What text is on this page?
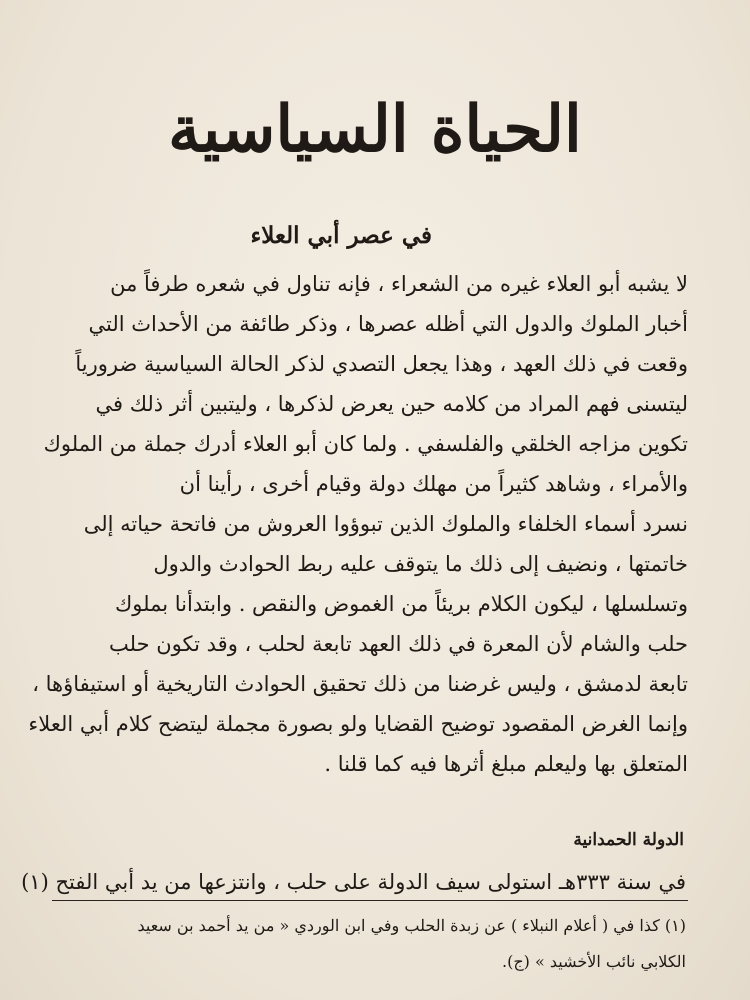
الحياة السياسية
في عصر أبي العلاء
لا يشبه أبو العلاء غيره من الشعراء ، فإنه تناول في شعره طرفاً من
أخبار الملوك والدول التي أظله عصرها ، وذكر طائفة من الأحداث التي
وقعت في ذلك العهد ، وهذا يجعل التصدي لذكر الحالة السياسية ضرورياً
ليتسنى فهم المراد من كلامه حين يعرض لذكرها ، وليتبين أثر ذلك في
تكوين مزاجه الخلقي والفلسفي . ولما كان أبو العلاء أدرك جملة من الملوك
والأمراء ، وشاهد كثيراً من مهلك دولة وقيام أخرى ، رأينا أن
نسرد أسماء الخلفاء والملوك الذين تبوؤوا العروش من فاتحة حياته إلى
خاتمتها ، ونضيف إلى ذلك ما يتوقف عليه ربط الحوادث والدول
وتسلسلها ، ليكون الكلام بريئاً من الغموض والنقص . وابتدأنا بملوك
حلب والشام لأن المعرة في ذلك العهد تابعة لحلب ، وقد تكون حلب
تابعة لدمشق ، وليس غرضنا من ذلك تحقيق الحوادث التاريخية أو استيفاؤها ،
وإنما الغرض المقصود توضيح القضايا ولو بصورة مجملة ليتضح كلام أبي العلاء
المتعلق بها وليعلم مبلغ أثرها فيه كما قلنا .
الدولة الحمدانية
في سنة ٣٣٣هـ استولى سيف الدولة على حلب ، وانتزعها من يد أبي الفتح (١)
(١) كذا في ( أعلام النبلاء ) عن زبدة الحلب وفي ابن الوردي « من يد أحمد بن سعيد
الكلابي نائب الأخشيد » (ج).
